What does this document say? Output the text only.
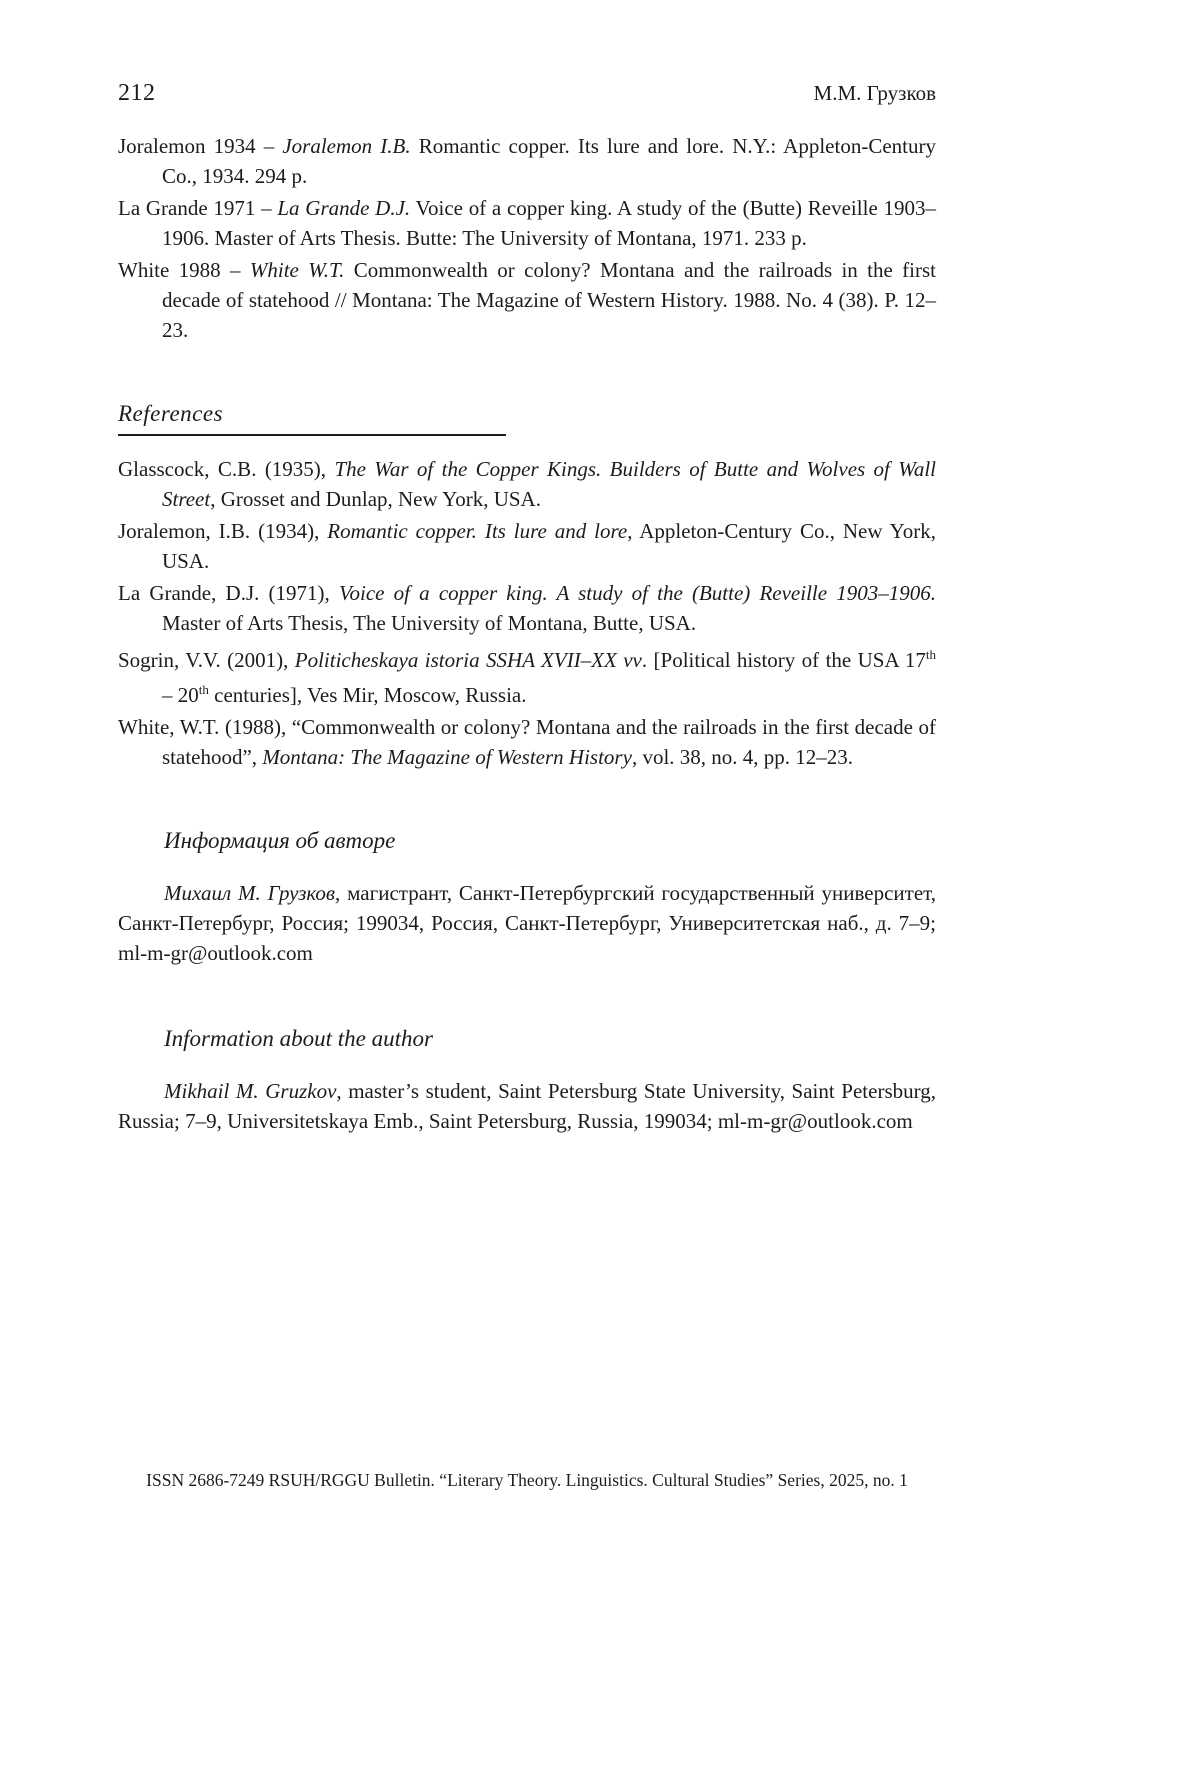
212	М.М. Грузков

Joralemon 1934 – Joralemon I.B. Romantic copper. Its lure and lore. N.Y.: Appleton-Century Co., 1934. 294 p.

La Grande 1971 – La Grande D.J. Voice of a copper king. A study of the (Butte) Reveille 1903–1906. Master of Arts Thesis. Butte: The University of Montana, 1971. 233 p.

White 1988 – White W.T. Commonwealth or colony? Montana and the railroads in the first decade of statehood // Montana: The Magazine of Western History. 1988. No. 4 (38). P. 12–23.

References

Glasscock, C.B. (1935), The War of the Copper Kings. Builders of Butte and Wolves of Wall Street, Grosset and Dunlap, New York, USA.

Joralemon, I.B. (1934), Romantic copper. Its lure and lore, Appleton-Century Co., New York, USA.

La Grande, D.J. (1971), Voice of a copper king. A study of the (Butte) Reveille 1903–1906. Master of Arts Thesis, The University of Montana, Butte, USA.

Sogrin, V.V. (2001), Politicheskaya istoria SSHA XVII–XX vv. [Political history of the USA 17th – 20th centuries], Ves Mir, Moscow, Russia.

White, W.T. (1988), “Commonwealth or colony? Montana and the railroads in the first decade of statehood”, Montana: The Magazine of Western History, vol. 38, no. 4, pp. 12–23.

Информация об авторе

Михаил М. Грузков, магистрант, Санкт-Петербургский государственный университет, Санкт-Петербург, Россия; 199034, Россия, Санкт-Петербург, Университетская наб., д. 7–9; ml-m-gr@outlook.com

Information about the author

Mikhail M. Gruzkov, master’s student, Saint Petersburg State University, Saint Petersburg, Russia; 7–9, Universitetskaya Emb., Saint Petersburg, Russia, 199034; ml-m-gr@outlook.com

ISSN 2686-7249 RSUH/RGGU Bulletin. “Literary Theory. Linguistics. Cultural Studies” Series, 2025, no. 1
